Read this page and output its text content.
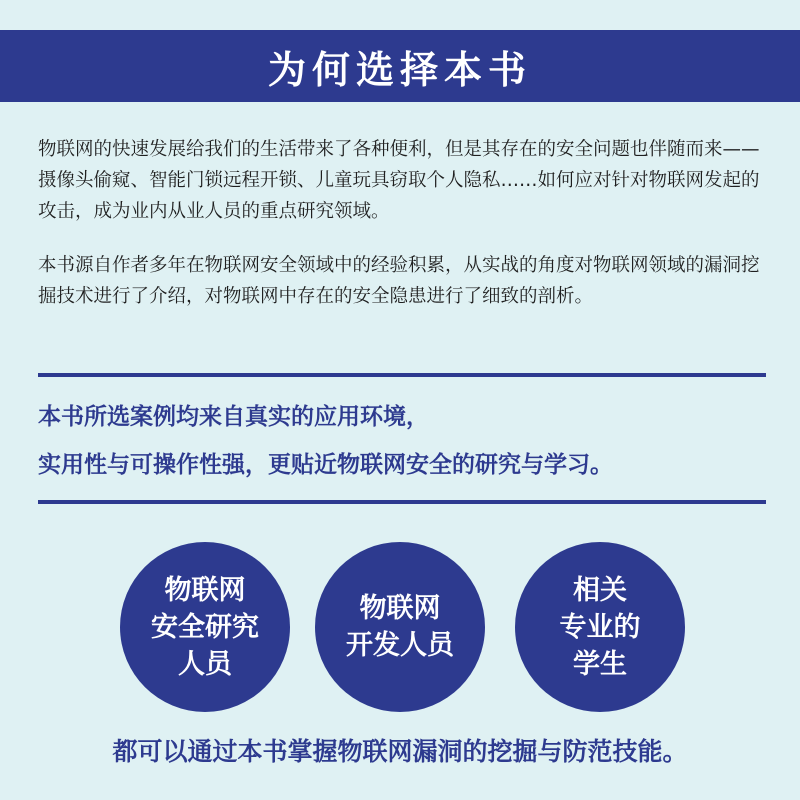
为何选择本书

物联网的快速发展给我们的生活带来了各种便利，但是其存在的安全问题也伴随而来——摄像头偷窥、智能门锁远程开锁、儿童玩具窃取个人隐私……如何应对针对物联网发起的攻击，成为业内从业人员的重点研究领域。

本书源自作者多年在物联网安全领域中的经验积累，从实战的角度对物联网领域的漏洞挖掘技术进行了介绍，对物联网中存在的安全隐患进行了细致的剖析。

本书所选案例均来自真实的应用环境，

实用性与可操作性强，更贴近物联网安全的研究与学习。

物联网
安全研究
人员
物联网
开发人员
相关
专业的
学生
都可以通过本书掌握物联网漏洞的挖掘与防范技能。
